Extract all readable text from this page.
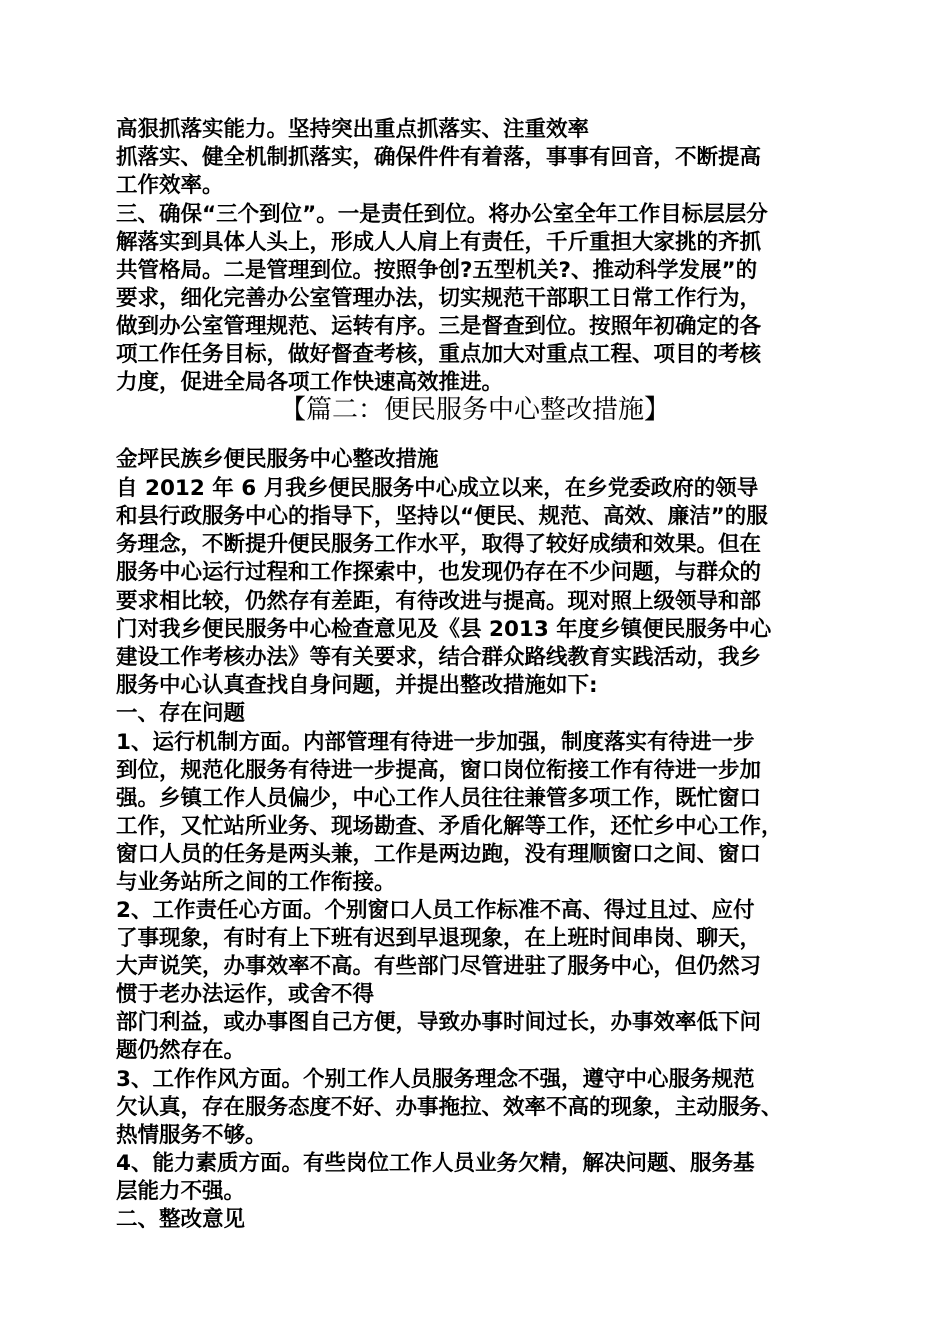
高狠抓落实能力。坚持突出重点抓落实、注重效率
抓落实、健全机制抓落实，确保件件有着落，事事有回音，不断提高
工作效率。
三、确保“三个到位”。一是责任到位。将办公室全年工作目标层层分
解落实到具体人头上，形成人人肩上有责任，千斤重担大家挑的齐抓
共管格局。二是管理到位。按照争创?五型机关?、推动科学发展”的
要求，细化完善办公室管理办法，切实规范干部职工日常工作行为，
做到办公室管理规范、运转有序。三是督查到位。按照年初确定的各
项工作任务目标，做好督查考核，重点加大对重点工程、项目的考核
力度，促进全局各项工作快速高效推进。
【篇二：便民服务中心整改措施】
金坪民族乡便民服务中心整改措施
自 2012 年 6 月我乡便民服务中心成立以来，在乡党委政府的领导
和县行政服务中心的指导下，坚持以“便民、规范、高效、廉洁”的服
务理念，不断提升便民服务工作水平，取得了较好成绩和效果。但在
服务中心运行过程和工作探索中，也发现仍存在不少问题，与群众的
要求相比较，仍然存有差距，有待改进与提高。现对照上级领导和部
门对我乡便民服务中心检查意见及《县 2013 年度乡镇便民服务中心
建设工作考核办法》等有关要求，结合群众路线教育实践活动，我乡
服务中心认真查找自身问题，并提出整改措施如下:
一、存在问题
1、运行机制方面。内部管理有待进一步加强，制度落实有待进一步
到位，规范化服务有待进一步提高，窗口岗位衔接工作有待进一步加
强。乡镇工作人员偏少，中心工作人员往往兼管多项工作，既忙窗口
工作，又忙站所业务、现场勘查、矛盾化解等工作，还忙乡中心工作，
窗口人员的任务是两头兼，工作是两边跑，没有理顺窗口之间、窗口
与业务站所之间的工作衔接。
2、工作责任心方面。个别窗口人员工作标准不高、得过且过、应付
了事现象，有时有上下班有迟到早退现象，在上班时间串岗、聊天，
大声说笑，办事效率不高。有些部门尽管进驻了服务中心，但仍然习
惯于老办法运作，或舍不得
部门利益，或办事图自己方便，导致办事时间过长，办事效率低下问
题仍然存在。
3、工作作风方面。个别工作人员服务理念不强，遵守中心服务规范
欠认真，存在服务态度不好、办事拖拉、效率不高的现象，主动服务、
热情服务不够。
4、能力素质方面。有些岗位工作人员业务欠精，解决问题、服务基
层能力不强。
二、整改意见
